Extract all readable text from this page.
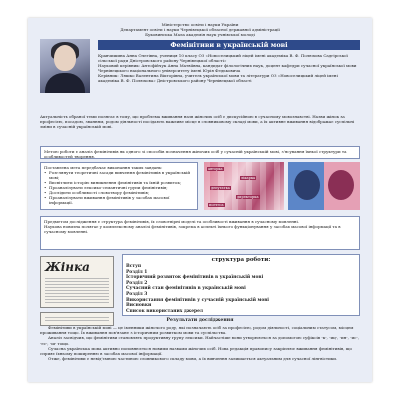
Міністерство освіти і науки України
Департамент освіти і науки Чернівецької обласної державної адміністрації
Буковинська Мала академія наук учнівської молоді
Фемінітиви в українській мові
Кравчишина Анна Олегівна, учениця 10 класу ОЗ «Новоселицький ліцей імені академіка В. Ф. Полюхова Садгірської сільської ради Дністровського району Чернівецької області»
Науковий керівник: Антофійчук Анна Матвіївна, кандидат філологічних наук, доцент кафедри сучасної української мови Чернівецького національного університету імені Юрія Федьковича
Керівник: Ляшко Валентина Вікторівна, учитель української мови та літератури ОЗ «Новоселицький ліцей імені академіка В. Ф. Полюхова» Дністровського району Чернівецької області
Актуальність обраної теми полягає в тому, що проблема вживання назв жіночих осіб є дискусійною в сучасному мовознавстві. Назви жінок за професією, посадою, званням, родом діяльності посідають важливе місце в словниковому складі мови, а їх активне вживання відображає суспільні зміни в сучасній українській мові.
Метою роботи є аналіз фемінітивів як одного зі способів позначення жіночих осіб у сучасній українській мові, з'ясування їхньої структури та особливостей творення.
Поставлена мета передбачає виконання таких завдань:
• Розглянути теоретичні засади вивчення фемінітивів в українській мові;
• Висвітлити історію виникнення фемінітивів та їхній розвиток;
• Проаналізувати лексико-семантичні групи фемінітивів;
• Дослідити особливості словотвору фемінітивів;
• Проаналізувати вживання фемінітивів у засобах масової інформації.
авторка
лікарка
депутатка
директорка
поетеса
Предметом дослідження є структура фемінітивів, їх словотвірні моделі та особливості вживання в сучасному мовленні.
Наукова новизна полягає у комплексному аналізі фемінітивів, зокрема в аспекті їхнього функціонування у засобах масової інформації та в сучасному мовленні.
Жінка	структура роботи:
Вступ
Розділ 1
Історичний розвиток фемінітивів в українській мові
Розділ 2
Сучасний стан фемінітивів в українській мові
Розділ 3
Використання фемінітивів у сучасній українській мові
Висновки
Список використаних джерел
Результати дослідження
Фемінітиви в українській мові — це іменники жіночого роду, які позначають осіб за професією, родом діяльності, соціальним статусом, місцем проживання тощо. Їх вживання пов'язане з історичним розвитком мови та суспільства.
Аналіз засвідчив, що фемінітиви становлять продуктивну групу лексики. Найчастіше вони утворюються за допомогою суфіксів -к-, -иц-, -ин-, -ис-, -ес-, -ш- тощо.
Сучасна українська мова активно поповнюється новими назвами жіночих осіб. Нова редакція правопису закріплює вживання фемінітивів, що сприяє їхньому поширенню в засобах масової інформації.
Отже, фемінітиви є невід'ємною частиною словникового складу мови, а їх вивчення залишається актуальним для сучасної лінгвістики.
